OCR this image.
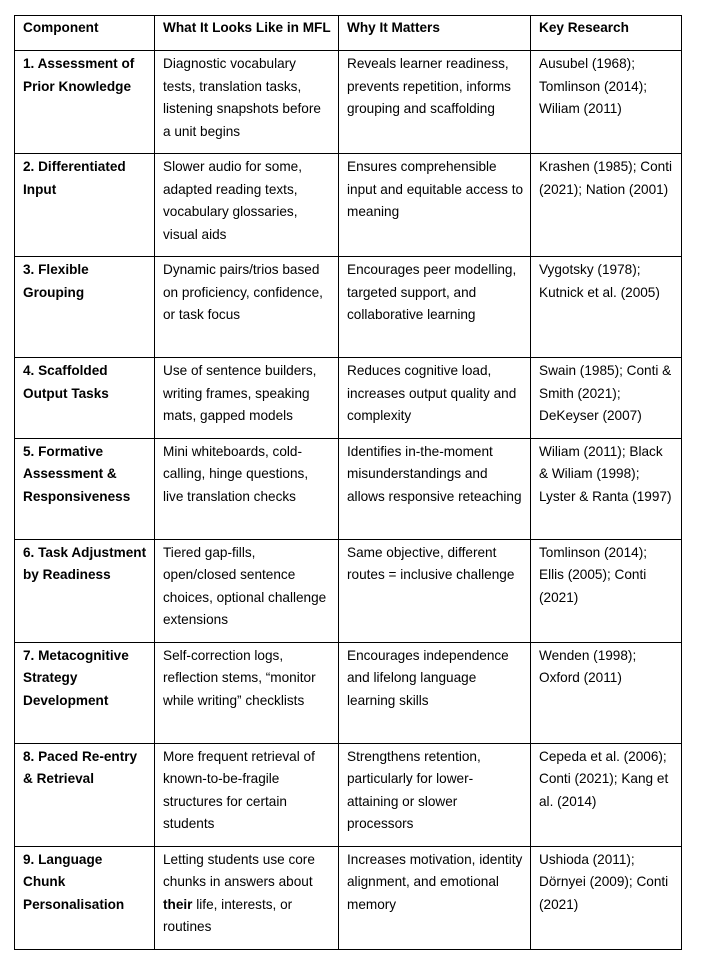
Component	What It Looks Like in MFL	Why It Matters	Key Research
1. Assessment of Prior Knowledge	Diagnostic vocabulary tests, translation tasks, listening snapshots before a unit begins	Reveals learner readiness, prevents repetition, informs grouping and scaffolding	Ausubel (1968); Tomlinson (2014); Wiliam (2011)
2. Differentiated Input	Slower audio for some, adapted reading texts, vocabulary glossaries, visual aids	Ensures comprehensible input and equitable access to meaning	Krashen (1985); Conti (2021); Nation (2001)
3. Flexible Grouping	Dynamic pairs/trios based on proficiency, confidence, or task focus	Encourages peer modelling, targeted support, and collaborative learning	Vygotsky (1978); Kutnick et al. (2005)
4. Scaffolded Output Tasks	Use of sentence builders, writing frames, speaking mats, gapped models	Reduces cognitive load, increases output quality and complexity	Swain (1985); Conti & Smith (2021); DeKeyser (2007)
5. Formative Assessment & Responsiveness	Mini whiteboards, cold-calling, hinge questions, live translation checks	Identifies in-the-moment misunderstandings and allows responsive reteaching	Wiliam (2011); Black & Wiliam (1998); Lyster & Ranta (1997)
6. Task Adjustment by Readiness	Tiered gap-fills, open/closed sentence choices, optional challenge extensions	Same objective, different routes = inclusive challenge	Tomlinson (2014); Ellis (2005); Conti (2021)
7. Metacognitive Strategy Development	Self-correction logs, reflection stems, “monitor while writing” checklists	Encourages independence and lifelong language learning skills	Wenden (1998); Oxford (2011)
8. Paced Re-entry & Retrieval	More frequent retrieval of known-to-be-fragile structures for certain students	Strengthens retention, particularly for lower-attaining or slower processors	Cepeda et al. (2006); Conti (2021); Kang et al. (2014)
9. Language Chunk Personalisation	Letting students use core chunks in answers about their life, interests, or routines	Increases motivation, identity alignment, and emotional memory	Ushioda (2011); Dörnyei (2009); Conti (2021)
